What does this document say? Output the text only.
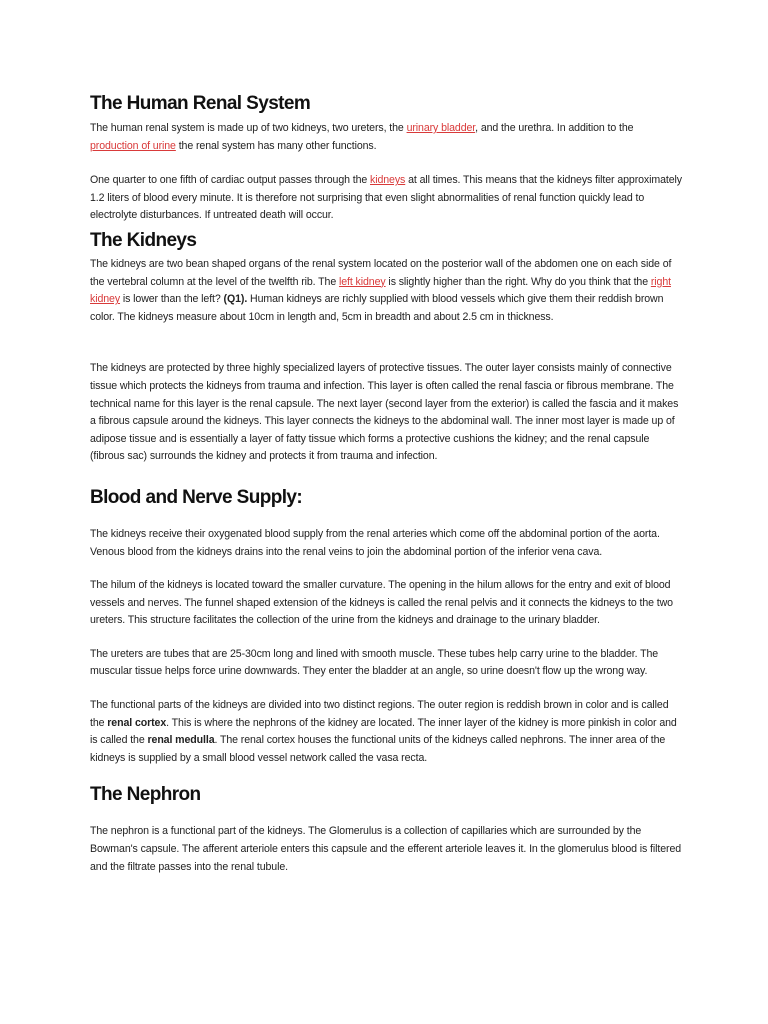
The Human Renal System

The human renal system is made up of two kidneys, two ureters, the urinary bladder, and the urethra. In addition to the production of urine the renal system has many other functions.

One quarter to one fifth of cardiac output passes through the kidneys at all times. This means that the kidneys filter approximately 1.2 liters of blood every minute. It is therefore not surprising that even slight abnormalities of renal function quickly lead to electrolyte disturbances. If untreated death will occur.

The Kidneys

The kidneys are two bean shaped organs of the renal system located on the posterior wall of the abdomen one on each side of the vertebral column at the level of the twelfth rib. The left kidney is slightly higher than the right. Why do you think that the right kidney is lower than the left? (Q1). Human kidneys are richly supplied with blood vessels which give them their reddish brown color. The kidneys measure about 10cm in length and, 5cm in breadth and about 2.5 cm in thickness.

The kidneys are protected by three highly specialized layers of protective tissues. The outer layer consists mainly of connective tissue which protects the kidneys from trauma and infection. This layer is often called the renal fascia or fibrous membrane. The technical name for this layer is the renal capsule. The next layer (second layer from the exterior) is called the fascia and it makes a fibrous capsule around the kidneys. This layer connects the kidneys to the abdominal wall. The inner most layer is made up of adipose tissue and is essentially a layer of fatty tissue which forms a protective cushions the kidney; and the renal capsule (fibrous sac) surrounds the kidney and protects it from trauma and infection.

Blood and Nerve Supply:

The kidneys receive their oxygenated blood supply from the renal arteries which come off the abdominal portion of the aorta. Venous blood from the kidneys drains into the renal veins to join the abdominal portion of the inferior vena cava.

The hilum of the kidneys is located toward the smaller curvature. The opening in the hilum allows for the entry and exit of blood vessels and nerves. The funnel shaped extension of the kidneys is called the renal pelvis and it connects the kidneys to the two ureters. This structure facilitates the collection of the urine from the kidneys and drainage to the urinary bladder.

The ureters are tubes that are 25-30cm long and lined with smooth muscle. These tubes help carry urine to the bladder. The muscular tissue helps force urine downwards. They enter the bladder at an angle, so urine doesn't flow up the wrong way.

The functional parts of the kidneys are divided into two distinct regions. The outer region is reddish brown in color and is called the renal cortex. This is where the nephrons of the kidney are located. The inner layer of the kidney is more pinkish in color and is called the renal medulla. The renal cortex houses the functional units of the kidneys called nephrons. The inner area of the kidneys is supplied by a small blood vessel network called the vasa recta.

The Nephron

The nephron is a functional part of the kidneys. The Glomerulus is a collection of capillaries which are surrounded by the Bowman's capsule. The afferent arteriole enters this capsule and the efferent arteriole leaves it. In the glomerulus blood is filtered and the filtrate passes into the renal tubule.
